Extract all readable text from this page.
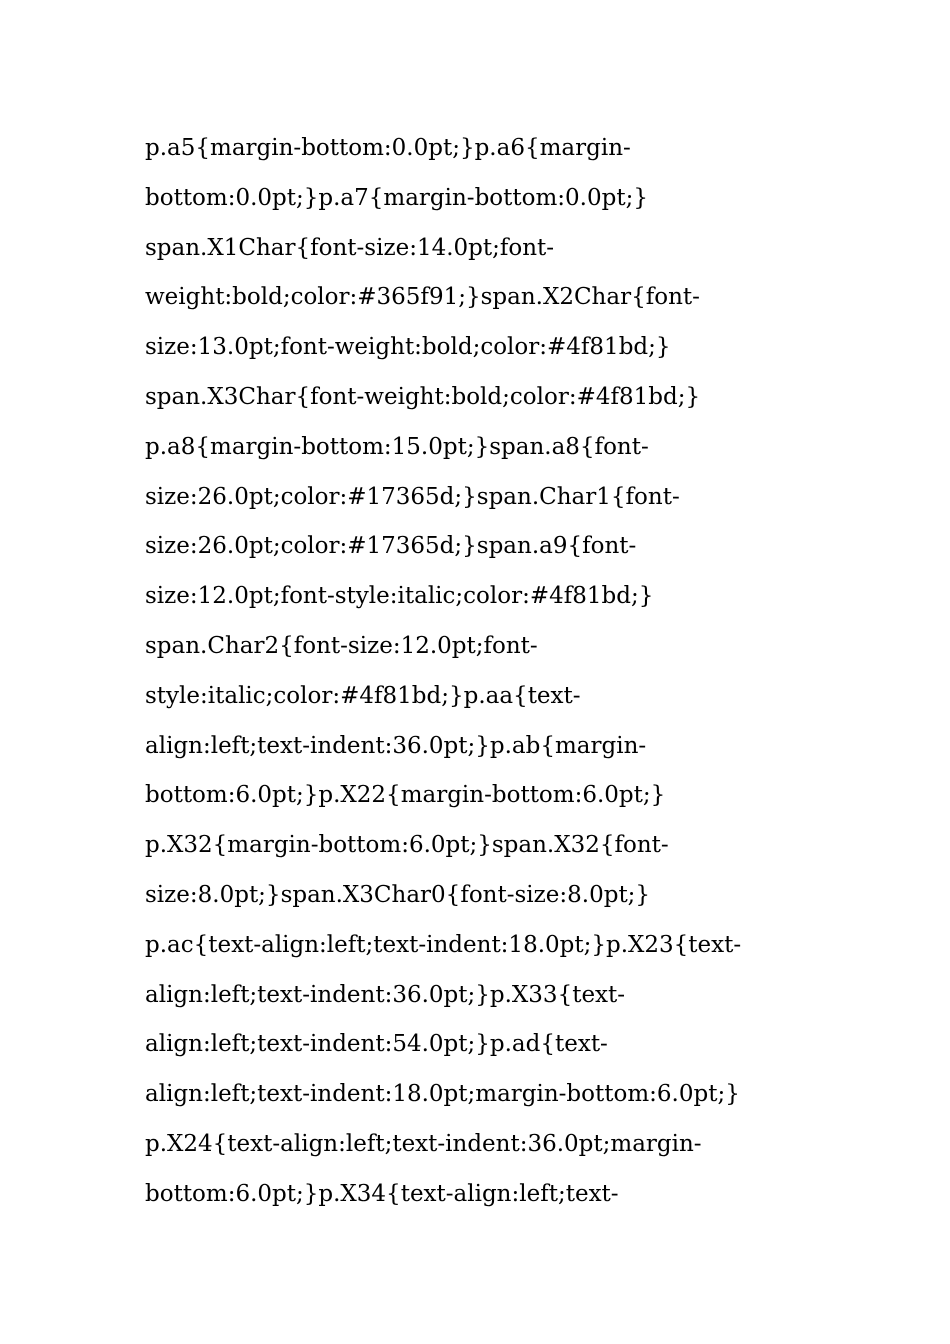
p.a5{margin-bottom:0.0pt;}p.a6{margin-
bottom:0.0pt;}p.a7{margin-bottom:0.0pt;}
span.X1Char{font-size:14.0pt;font-
weight:bold;color:#365f91;}span.X2Char{font-
size:13.0pt;font-weight:bold;color:#4f81bd;}
span.X3Char{font-weight:bold;color:#4f81bd;}
p.a8{margin-bottom:15.0pt;}span.a8{font-
size:26.0pt;color:#17365d;}span.Char1{font-
size:26.0pt;color:#17365d;}span.a9{font-
size:12.0pt;font-style:italic;color:#4f81bd;}
span.Char2{font-size:12.0pt;font-
style:italic;color:#4f81bd;}p.aa{text-
align:left;text-indent:36.0pt;}p.ab{margin-
bottom:6.0pt;}p.X22{margin-bottom:6.0pt;}
p.X32{margin-bottom:6.0pt;}span.X32{font-
size:8.0pt;}span.X3Char0{font-size:8.0pt;}
p.ac{text-align:left;text-indent:18.0pt;}p.X23{text-
align:left;text-indent:36.0pt;}p.X33{text-
align:left;text-indent:54.0pt;}p.ad{text-
align:left;text-indent:18.0pt;margin-bottom:6.0pt;}
p.X24{text-align:left;text-indent:36.0pt;margin-
bottom:6.0pt;}p.X34{text-align:left;text-
